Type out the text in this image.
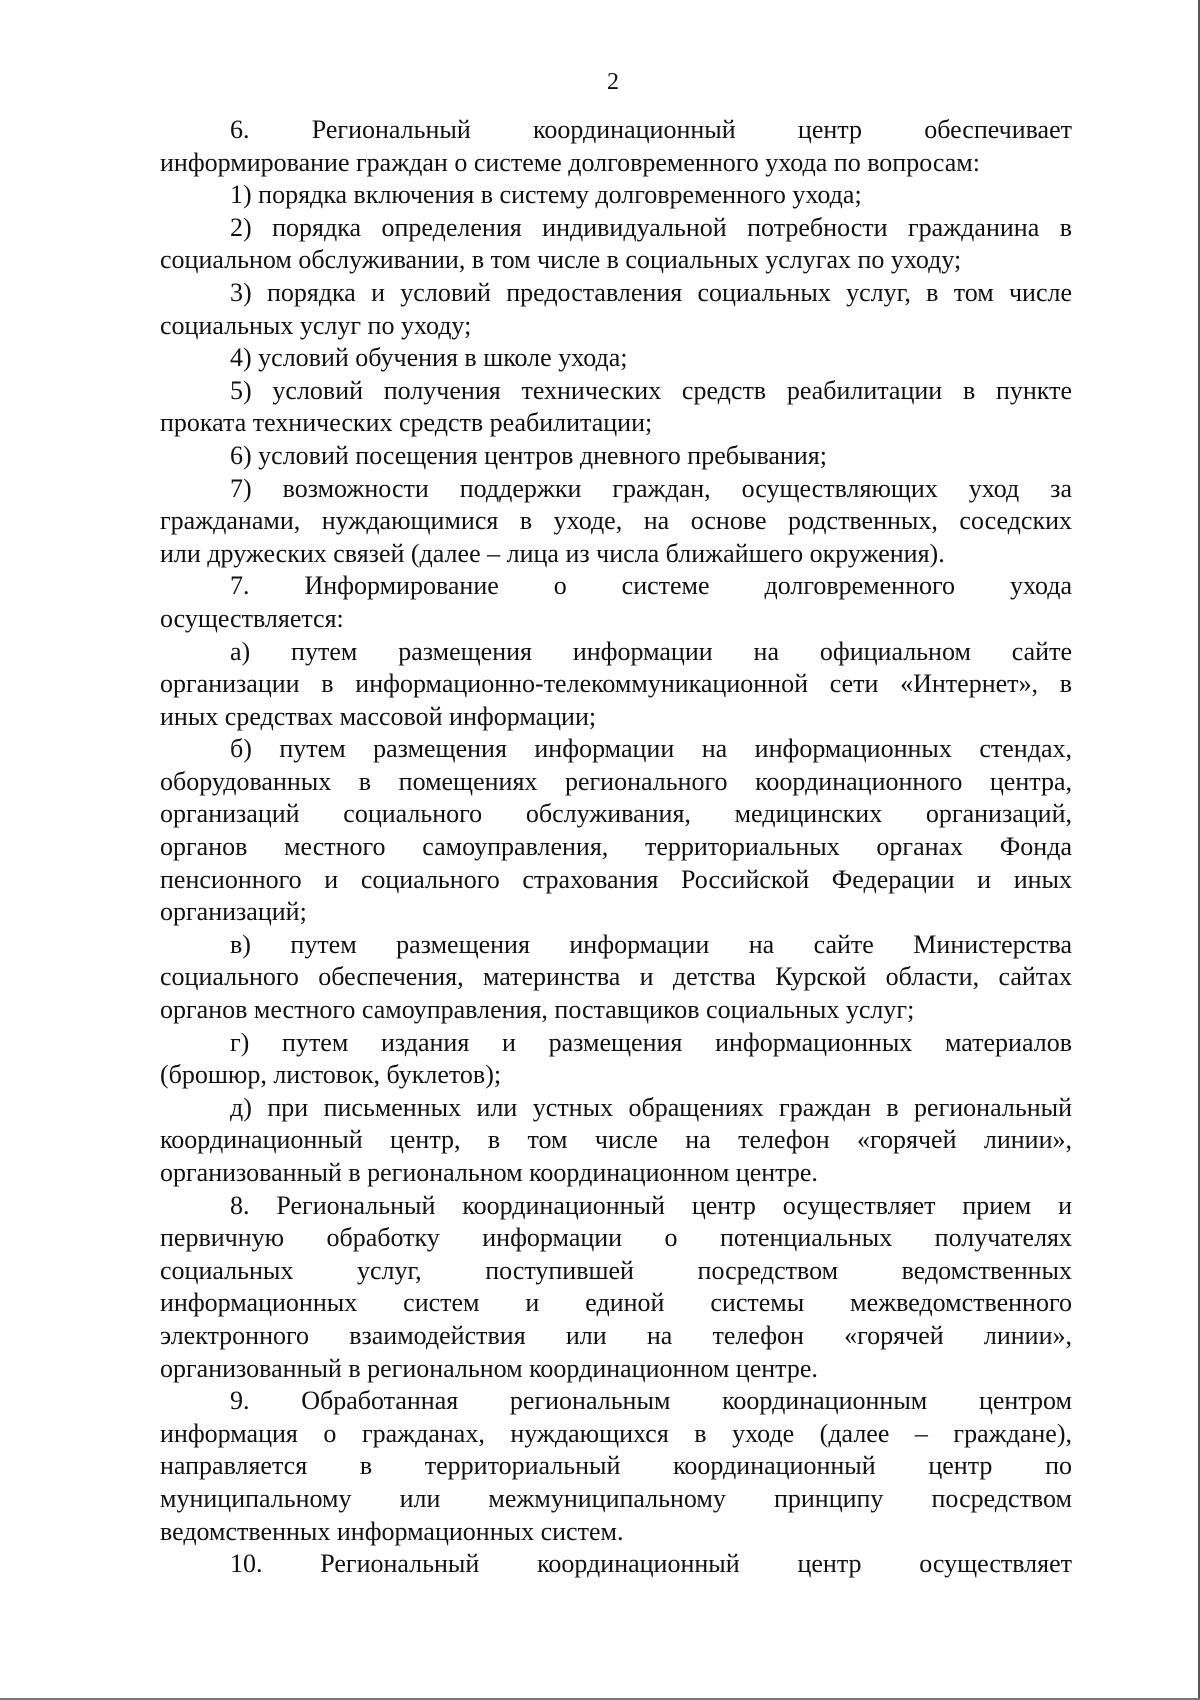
2
6. Региональный координационный центр обеспечивает
информирование граждан о системе долговременного ухода по вопросам:
1) порядка включения в систему долговременного ухода;
2) порядка определения индивидуальной потребности гражданина в
социальном обслуживании, в том числе в социальных услугах по уходу;
3) порядка и условий предоставления социальных услуг, в том числе
социальных услуг по уходу;
4) условий обучения в школе ухода;
5) условий получения технических средств реабилитации в пункте
проката технических средств реабилитации;
6) условий посещения центров дневного пребывания;
7) возможности поддержки граждан, осуществляющих уход за
гражданами, нуждающимися в уходе, на основе родственных, соседских
или дружеских связей (далее – лица из числа ближайшего окружения).
7. Информирование о системе долговременного ухода
осуществляется:
а) путем размещения информации на официальном сайте
организации в информационно-телекоммуникационной сети «Интернет», в
иных средствах массовой информации;
б) путем размещения информации на информационных стендах,
оборудованных в помещениях регионального координационного центра,
организаций социального обслуживания, медицинских организаций,
органов местного самоуправления, территориальных органах Фонда
пенсионного и социального страхования Российской Федерации и иных
организаций;
в) путем размещения информации на сайте Министерства
социального обеспечения, материнства и детства Курской области, сайтах
органов местного самоуправления, поставщиков социальных услуг;
г) путем издания и размещения информационных материалов
(брошюр, листовок, буклетов);
д) при письменных или устных обращениях граждан в региональный
координационный центр, в том числе на телефон «горячей линии»,
организованный в региональном координационном центре.
8. Региональный координационный центр осуществляет прием и
первичную обработку информации о потенциальных получателях
социальных услуг, поступившей посредством ведомственных
информационных систем и единой системы межведомственного
электронного взаимодействия или на телефон «горячей линии»,
организованный в региональном координационном центре.
9. Обработанная региональным координационным центром
информация о гражданах, нуждающихся в уходе (далее – граждане),
направляется в территориальный координационный центр по
муниципальному или межмуниципальному принципу посредством
ведомственных информационных систем.
10. Региональный координационный центр осуществляет
